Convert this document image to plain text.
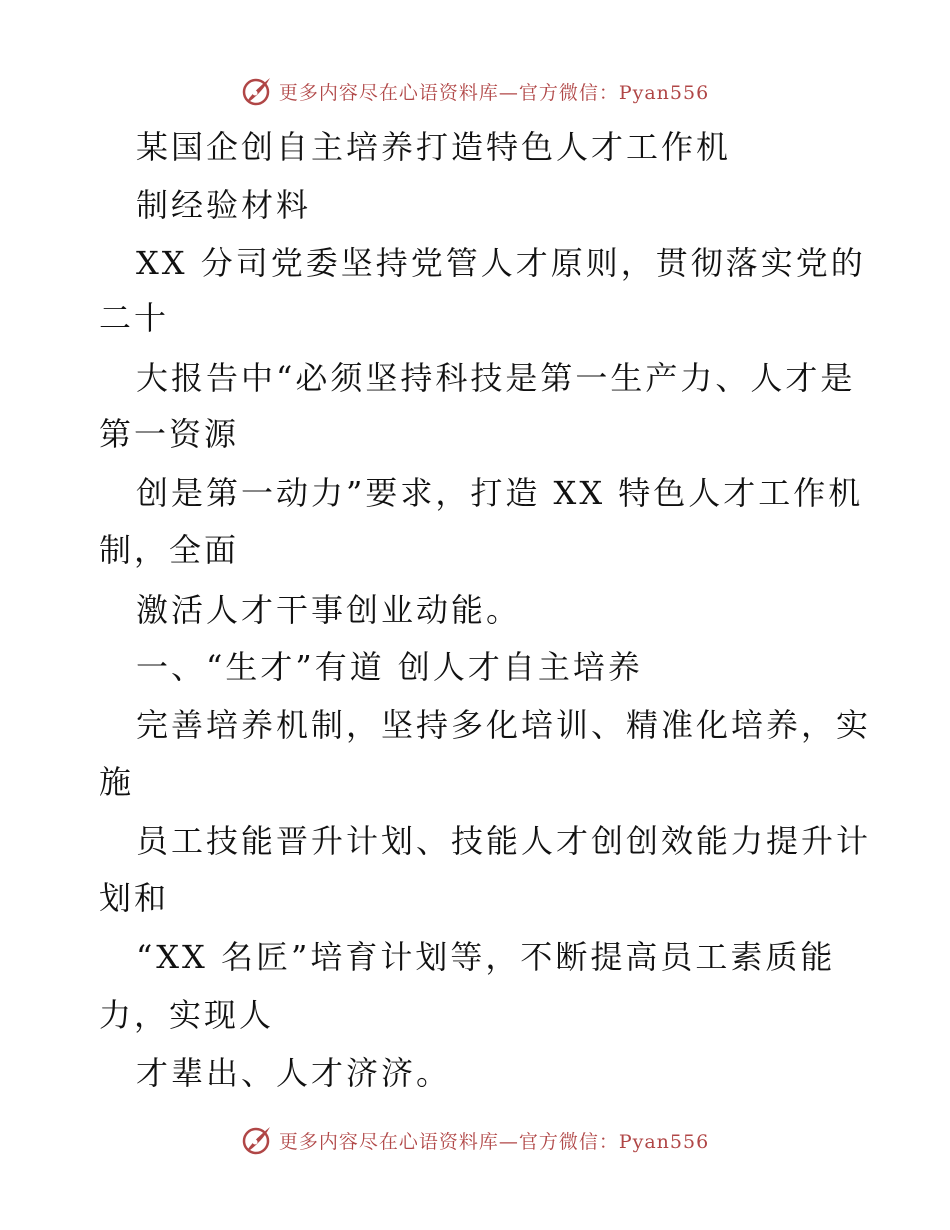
更多内容尽在心语资料库—官方微信：Pyan556
某国企创自主培养打造特色人才工作机
制经验材料
XX 分司党委坚持党管人才原则，贯彻落实党的
二十
大报告中“必须坚持科技是第一生产力、人才是
第一资源
创是第一动力”要求，打造 XX 特色人才工作机
制，全面
激活人才干事创业动能。
一、“生才”有道 创人才自主培养
完善培养机制，坚持多化培训、精准化培养，实
施
员工技能晋升计划、技能人才创创效能力提升计
划和
“XX 名匠”培育计划等，不断提高员工素质能
力，实现人
才辈出、人才济济。
更多内容尽在心语资料库—官方微信：Pyan556
